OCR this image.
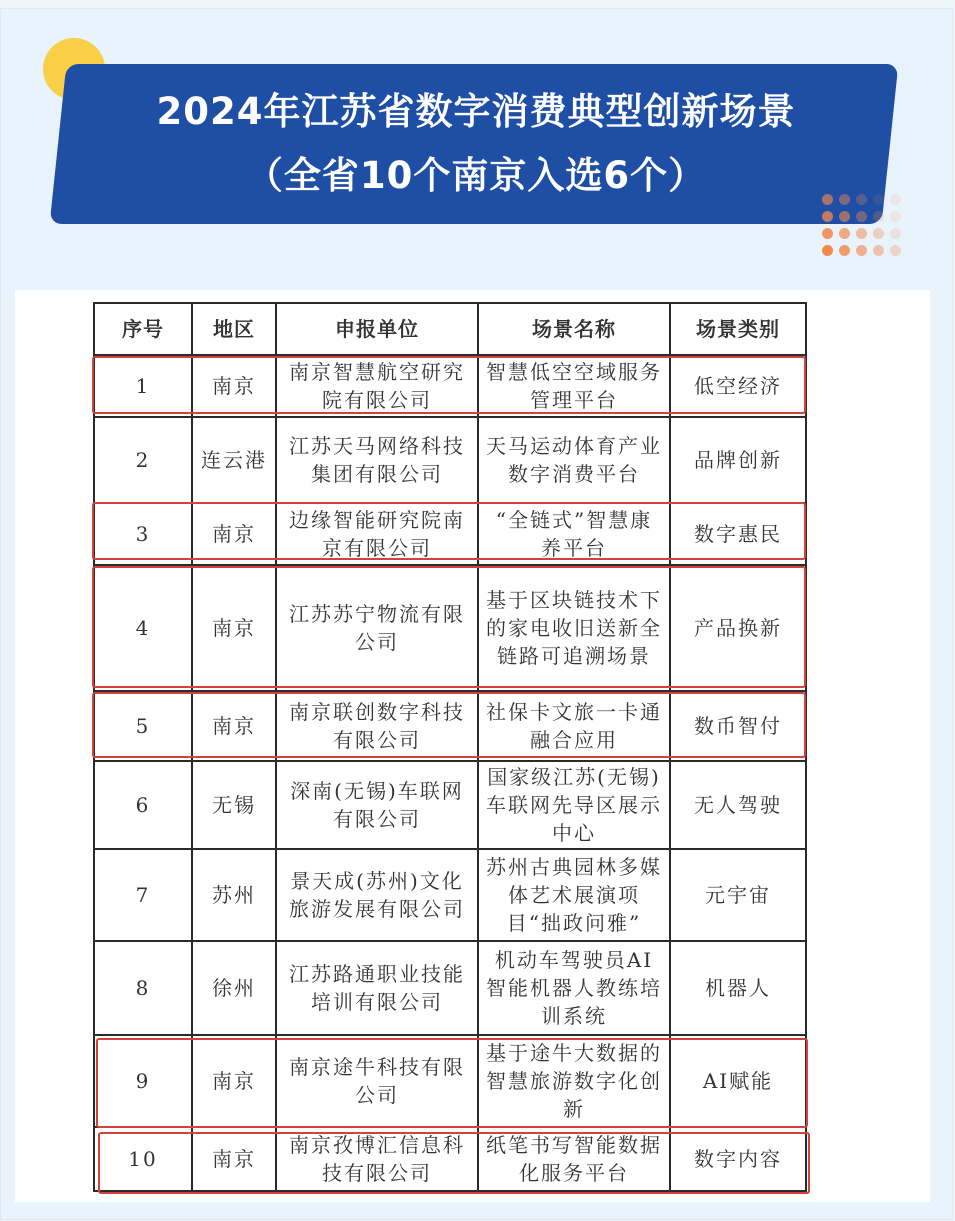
2024年江苏省数字消费典型创新场景
（全省10个南京入选6个）
序号	地区	申报单位	场景名称	场景类别
1	南京	南京智慧航空研究院有限公司	智慧低空空域服务管理平台	低空经济
2	连云港	江苏天马网络科技集团有限公司	天马运动体育产业数字消费平台	品牌创新
3	南京	边缘智能研究院南京有限公司	“全链式”智慧康养平台	数字惠民
4	南京	江苏苏宁物流有限公司	基于区块链技术下的家电收旧送新全链路可追溯场景	产品换新
5	南京	南京联创数字科技有限公司	社保卡文旅一卡通融合应用	数币智付
6	无锡	深南(无锡)车联网有限公司	国家级江苏(无锡)车联网先导区展示中心	无人驾驶
7	苏州	景天成(苏州)文化旅游发展有限公司	苏州古典园林多媒体艺术展演项目“拙政问雅”	元宇宙
8	徐州	江苏路通职业技能培训有限公司	机动车驾驶员AI智能机器人教练培训系统	机器人
9	南京	南京途牛科技有限公司	基于途牛大数据的智慧旅游数字化创新	AI赋能
10	南京	南京孜博汇信息科技有限公司	纸笔书写智能数据化服务平台	数字内容
